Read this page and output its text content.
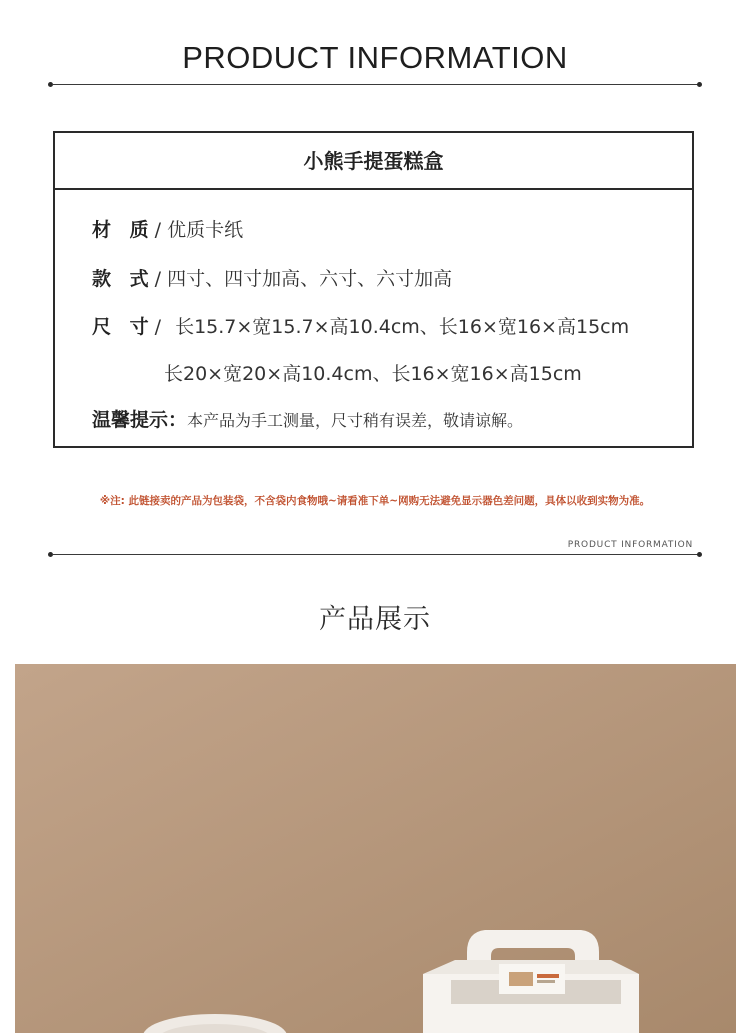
PRODUCT INFORMATION
小熊手提蛋糕盒
材 质/ 优质卡纸
款 式/ 四寸、四寸加高、六寸、六寸加高
尺 寸/ 长15.7×宽15.7×高10.4cm、长16×宽16×高15cm
长20×宽20×高10.4cm、长16×宽16×高15cm
温馨提示：本产品为手工测量，尺寸稍有误差，敬请谅解。
※注: 此链接卖的产品为包装袋，不含袋内食物哦~请看准下单~网购无法避免显示器色差问题，具体以收到实物为准。
PRODUCT INFORMATION
产品展示
